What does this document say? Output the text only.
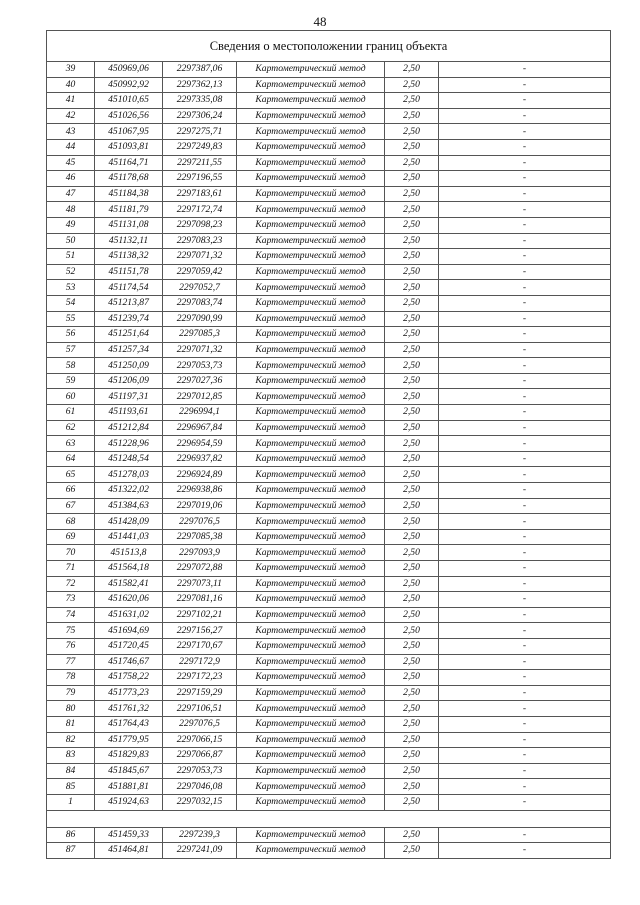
48
Сведения о местоположении границ объекта					
39	450969,06	2297387,06	Картометрический метод	2,50	-
40	450992,92	2297362,13	Картометрический метод	2,50	-
41	451010,65	2297335,08	Картометрический метод	2,50	-
42	451026,56	2297306,24	Картометрический метод	2,50	-
43	451067,95	2297275,71	Картометрический метод	2,50	-
44	451093,81	2297249,83	Картометрический метод	2,50	-
45	451164,71	2297211,55	Картометрический метод	2,50	-
46	451178,68	2297196,55	Картометрический метод	2,50	-
47	451184,38	2297183,61	Картометрический метод	2,50	-
48	451181,79	2297172,74	Картометрический метод	2,50	-
49	451131,08	2297098,23	Картометрический метод	2,50	-
50	451132,11	2297083,23	Картометрический метод	2,50	-
51	451138,32	2297071,32	Картометрический метод	2,50	-
52	451151,78	2297059,42	Картометрический метод	2,50	-
53	451174,54	2297052,7	Картометрический метод	2,50	-
54	451213,87	2297083,74	Картометрический метод	2,50	-
55	451239,74	2297090,99	Картометрический метод	2,50	-
56	451251,64	2297085,3	Картометрический метод	2,50	-
57	451257,34	2297071,32	Картометрический метод	2,50	-
58	451250,09	2297053,73	Картометрический метод	2,50	-
59	451206,09	2297027,36	Картометрический метод	2,50	-
60	451197,31	2297012,85	Картометрический метод	2,50	-
61	451193,61	2296994,1	Картометрический метод	2,50	-
62	451212,84	2296967,84	Картометрический метод	2,50	-
63	451228,96	2296954,59	Картометрический метод	2,50	-
64	451248,54	2296937,82	Картометрический метод	2,50	-
65	451278,03	2296924,89	Картометрический метод	2,50	-
66	451322,02	2296938,86	Картометрический метод	2,50	-
67	451384,63	2297019,06	Картометрический метод	2,50	-
68	451428,09	2297076,5	Картометрический метод	2,50	-
69	451441,03	2297085,38	Картометрический метод	2,50	-
70	451513,8	2297093,9	Картометрический метод	2,50	-
71	451564,18	2297072,88	Картометрический метод	2,50	-
72	451582,41	2297073,11	Картометрический метод	2,50	-
73	451620,06	2297081,16	Картометрический метод	2,50	-
74	451631,02	2297102,21	Картометрический метод	2,50	-
75	451694,69	2297156,27	Картометрический метод	2,50	-
76	451720,45	2297170,67	Картометрический метод	2,50	-
77	451746,67	2297172,9	Картометрический метод	2,50	-
78	451758,22	2297172,23	Картометрический метод	2,50	-
79	451773,23	2297159,29	Картометрический метод	2,50	-
80	451761,32	2297106,51	Картометрический метод	2,50	-
81	451764,43	2297076,5	Картометрический метод	2,50	-
82	451779,95	2297066,15	Картометрический метод	2,50	-
83	451829,83	2297066,87	Картометрический метод	2,50	-
84	451845,67	2297053,73	Картометрический метод	2,50	-
85	451881,81	2297046,08	Картометрический метод	2,50	-
1	451924,63	2297032,15	Картометрический метод	2,50	-

86	451459,33	2297239,3	Картометрический метод	2,50	-
87	451464,81	2297241,09	Картометрический метод	2,50	-
